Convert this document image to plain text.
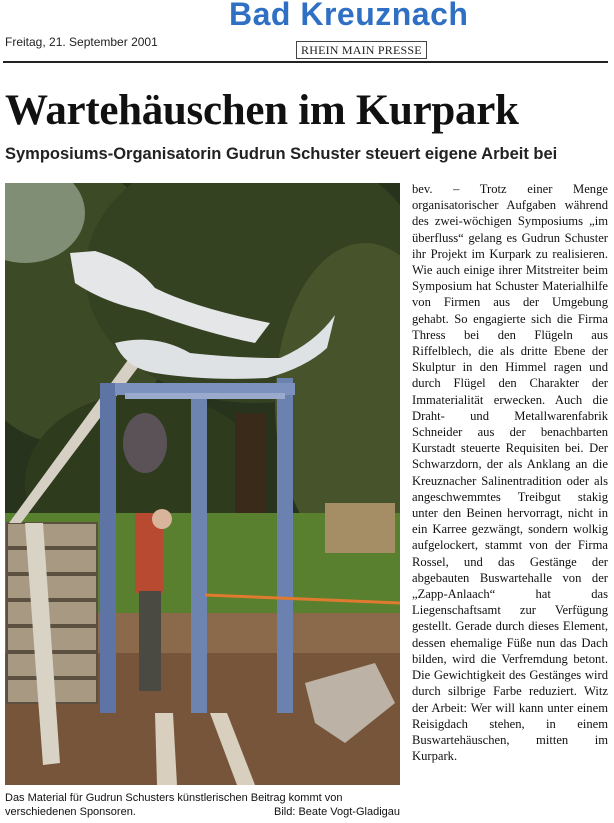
Bad Kreuznach
Freitag, 21. September 2001
RHEIN MAIN PRESSE
Wartehäuschen im Kurpark
Symposiums-Organisatorin Gudrun Schuster steuert eigene Arbeit bei
Das Material für Gudrun Schusters künstlerischen Beitrag kommt von verschiedenen Sponsoren.	Bild: Beate Vogt-Gladigau
bev. – Trotz einer Menge organisatorischer Aufgaben während des zwei-wöchigen Symposiums „im überfluss“ gelang es Gudrun Schuster ihr Projekt im Kurpark zu realisieren. Wie auch einige ihrer Mitstreiter beim Symposium hat Schuster Materialhilfe von Firmen aus der Umgebung gehabt. So engagierte sich die Firma Thress bei den Flügeln aus Riffelblech, die als dritte Ebene der Skulptur in den Himmel ragen und durch Flügel den Charakter der Immaterialität erwecken. Auch die Draht- und Metallwarenfabrik Schneider aus der benachbarten Kurstadt steuerte Requisiten bei. Der Schwarzdorn, der als Anklang an die Kreuznacher Salinentradition oder als angeschwemmtes Treibgut stakig unter den Beinen hervorragt, nicht in ein Karree gezwängt, sondern wolkig aufgelockert, stammt von der Firma Rossel, und das Gestänge der abgebauten Buswartehalle von der „Zapp-Anlaach“ hat das Liegenschaftsamt zur Verfügung gestellt. Gerade durch dieses Element, dessen ehemalige Füße nun das Dach bilden, wird die Verfremdung betont. Die Gewichtigkeit des Gestänges wird durch silbrige Farbe reduziert. Witz der Arbeit: Wer will kann unter einem Reisigdach stehen, in einem Buswartehäuschen, mitten im Kurpark.
